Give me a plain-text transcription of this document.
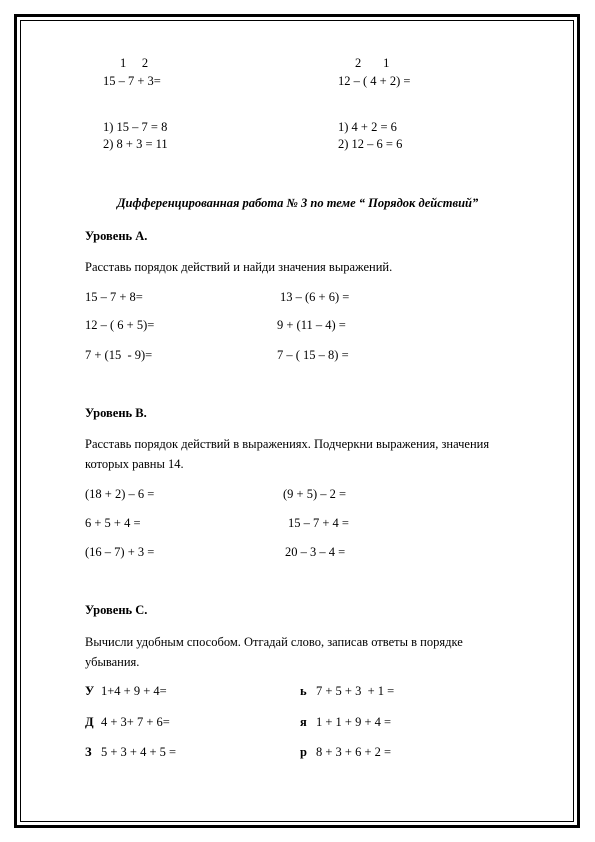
1     2
15 – 7 + 3=
1) 15 – 7 = 8
2) 8 + 3 = 11
2       1
12 – ( 4 + 2) =
1) 4 + 2 = 6
2) 12 – 6 = 6
Дифференцированная работа № 3 по теме “ Порядок действий”
Уровень А.
Расставь порядок действий и найди значения выражений.
15 – 7 + 8=	13 – (6 + 6) =
12 – ( 6 + 5)=	9 + (11 – 4) =
7 + (15  - 9)=	7 – ( 15 – 8) =
Уровень В.
Расставь порядок действий в выражениях. Подчеркни выражения, значения
которых равны 14.
(18 + 2) – 6 =	(9 + 5) – 2 =
6 + 5 + 4 =	15 – 7 + 4 =
(16 – 7) + 3 =	20 – 3 – 4 =
Уровень С.
Вычисли удобным способом. Отгадай слово, записав ответы в порядке
убывания.
У 1+4 + 9 + 4=	ь 7 + 5 + 3  + 1 =
Д 4 + 3+ 7 + 6=	я 1 + 1 + 9 + 4 =
З 5 + 3 + 4 + 5 =	р 8 + 3 + 6 + 2 =
